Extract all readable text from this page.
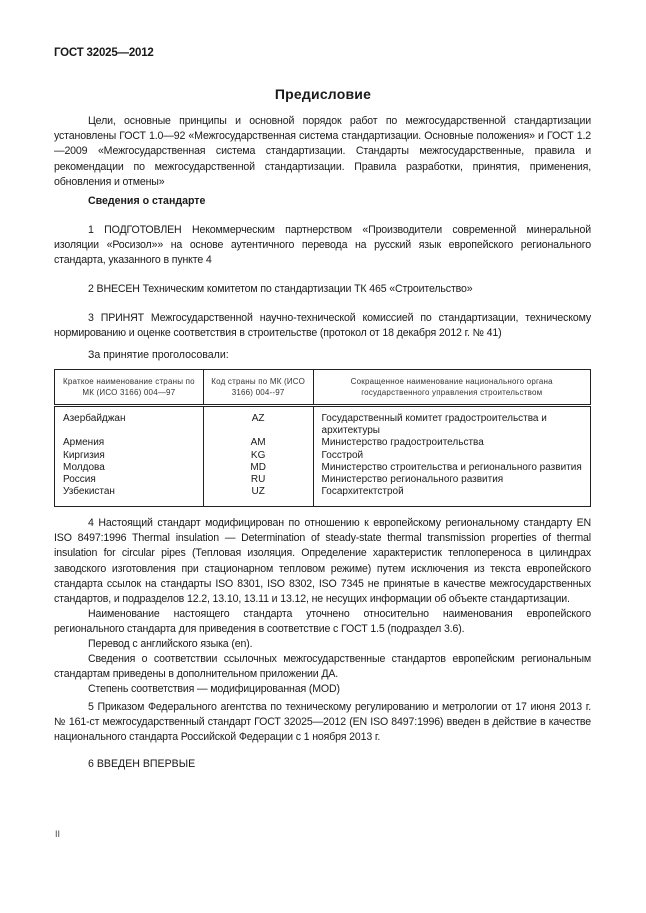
ГОСТ 32025—2012
Предисловие
Цели, основные принципы и основной порядок работ по межгосударственной стандартизации установлены ГОСТ 1.0—92 «Межгосударственная система стандартизации. Основные положения» и ГОСТ 1.2—2009 «Межгосударственная система стандартизации. Стандарты межгосударственные, правила и рекомендации по межгосударственной стандартизации. Правила разработки, принятия, применения, обновления и отмены»
Сведения о стандарте
1 ПОДГОТОВЛЕН Некоммерческим партнерством «Производители современной минеральной изоляции «Росизол»» на основе аутентичного перевода на русский язык европейского регионального стандарта, указанного в пункте 4
2 ВНЕСЕН Техническим комитетом по стандартизации ТК 465 «Строительство»
3 ПРИНЯТ Межгосударственной научно-технической комиссией по стандартизации, техническому нормированию и оценке соответствия в строительстве (протокол от 18 декабря 2012 г. № 41)
За принятие проголосовали:
Краткое наименование страны по МК (ИСО 3166) 004—97	Код страны по МК (ИСО 3166) 004--97	Сокращенное наименование национального органа государственного управления строительством
Азербайджан	AZ	Государственный комитет градостроительства и архитектуры
Армения	AM	Министерство градостроительства
Киргизия	KG	Госстрой
Молдова	MD	Министерство строительства и регионального развития
Россия	RU	Министерство регионального развития
Узбекистан	UZ	Госархитектстрой
4 Настоящий стандарт модифицирован по отношению к европейскому региональному стандарту EN ISO 8497:1996 Thermal insulation — Determination of steady-state thermal transmission properties of thermal insulation for circular pipes (Тепловая изоляция. Определение характеристик теплопереноса в цилиндрах заводского изготовления при стационарном тепловом режиме) путем исключения из текста европейского стандарта ссылок на стандарты ISO 8301, ISO 8302, ISO 7345 не принятые в качестве межгосударственных стандартов, и подразделов 12.2, 13.10, 13.11 и 13.12, не несущих информации об объекте стандартизации.
Наименование настоящего стандарта уточнено относительно наименования европейского регионального стандарта для приведения в соответствие с ГОСТ 1.5 (подраздел 3.6).
Перевод с английского языка (en).
Сведения о соответствии ссылочных межгосударственные стандартов европейским региональным стандартам приведены в дополнительном приложении ДА.
Степень соответствия — модифицированная (MOD)
5 Приказом Федерального агентства по техническому регулированию и метрологии от 17 июня 2013 г. № 161-ст межгосударственный стандарт ГОСТ 32025—2012 (EN ISO 8497:1996) введен в действие в качестве национального стандарта Российской Федерации с 1 ноября 2013 г.
6 ВВЕДЕН ВПЕРВЫЕ
II
